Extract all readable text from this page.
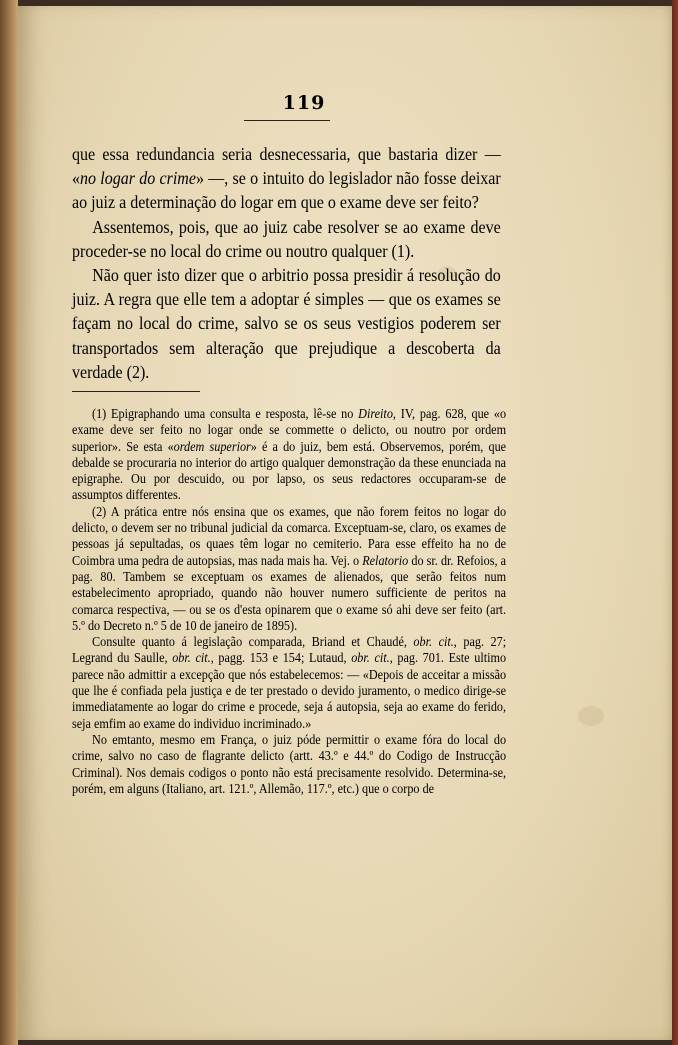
119

que essa redundancia seria desnecessaria, que bastaria dizer — «no logar do crime» —, se o intuito do legislador não fosse deixar ao juiz a determinação do logar em que o exame deve ser feito?

Assentemos, pois, que ao juiz cabe resolver se ao exame deve proceder-se no local do crime ou noutro qualquer (1).

Não quer isto dizer que o arbitrio possa presidir á resolução do juiz. A regra que elle tem a adoptar é simples — que os exames se façam no local do crime, salvo se os seus vestigios poderem ser transportados sem alteração que prejudique a descoberta da verdade (2).

(1) Epigraphando uma consulta e resposta, lê-se no Direito, IV, pag. 628, que «o exame deve ser feito no logar onde se commette o delicto, ou noutro por ordem superior». Se esta «ordem superior» é a do juiz, bem está. Observemos, porém, que debalde se procuraria no interior do artigo qualquer demonstração da these enunciada na epigraphe. Ou por descuido, ou por lapso, os seus redactores occuparam-se de assumptos differentes.

(2) A prática entre nós ensina que os exames, que não forem feitos no logar do delicto, o devem ser no tribunal judicial da comarca. Exceptuam-se, claro, os exames de pessoas já sepultadas, os quaes têm logar no cemiterio. Para esse effeito ha no de Coimbra uma pedra de autopsias, mas nada mais ha. Vej. o Relatorio do sr. dr. Refoios, a pag. 80. Tambem se exceptuam os exames de alienados, que serão feitos num estabelecimento apropriado, quando não houver numero sufficiente de peritos na comarca respectiva, — ou se os d'esta opinarem que o exame só ahi deve ser feito (art. 5.º do Decreto n.º 5 de 10 de janeiro de 1895).

Consulte quanto á legislação comparada, Briand et Chaudé, obr. cit., pag. 27; Legrand du Saulle, obr. cit., pagg. 153 e 154; Lutaud, obr. cit., pag. 701. Este ultimo parece não admittir a excepção que nós estabelecemos: — «Depois de acceitar a missão que lhe é confiada pela justiça e de ter prestado o devido juramento, o medico dirige-se immediatamente ao logar do crime e procede, seja á autopsia, seja ao exame do ferido, seja emfim ao exame do individuo incriminado.»

No emtanto, mesmo em França, o juiz póde permittir o exame fóra do local do crime, salvo no caso de flagrante delicto (artt. 43.º e 44.º do Codigo de Instrucção Criminal). Nos demais codigos o ponto não está precisamente resolvido. Determina-se, porém, em alguns (Italiano, art. 121.º, Allemão, 117.º, etc.) que o corpo de
